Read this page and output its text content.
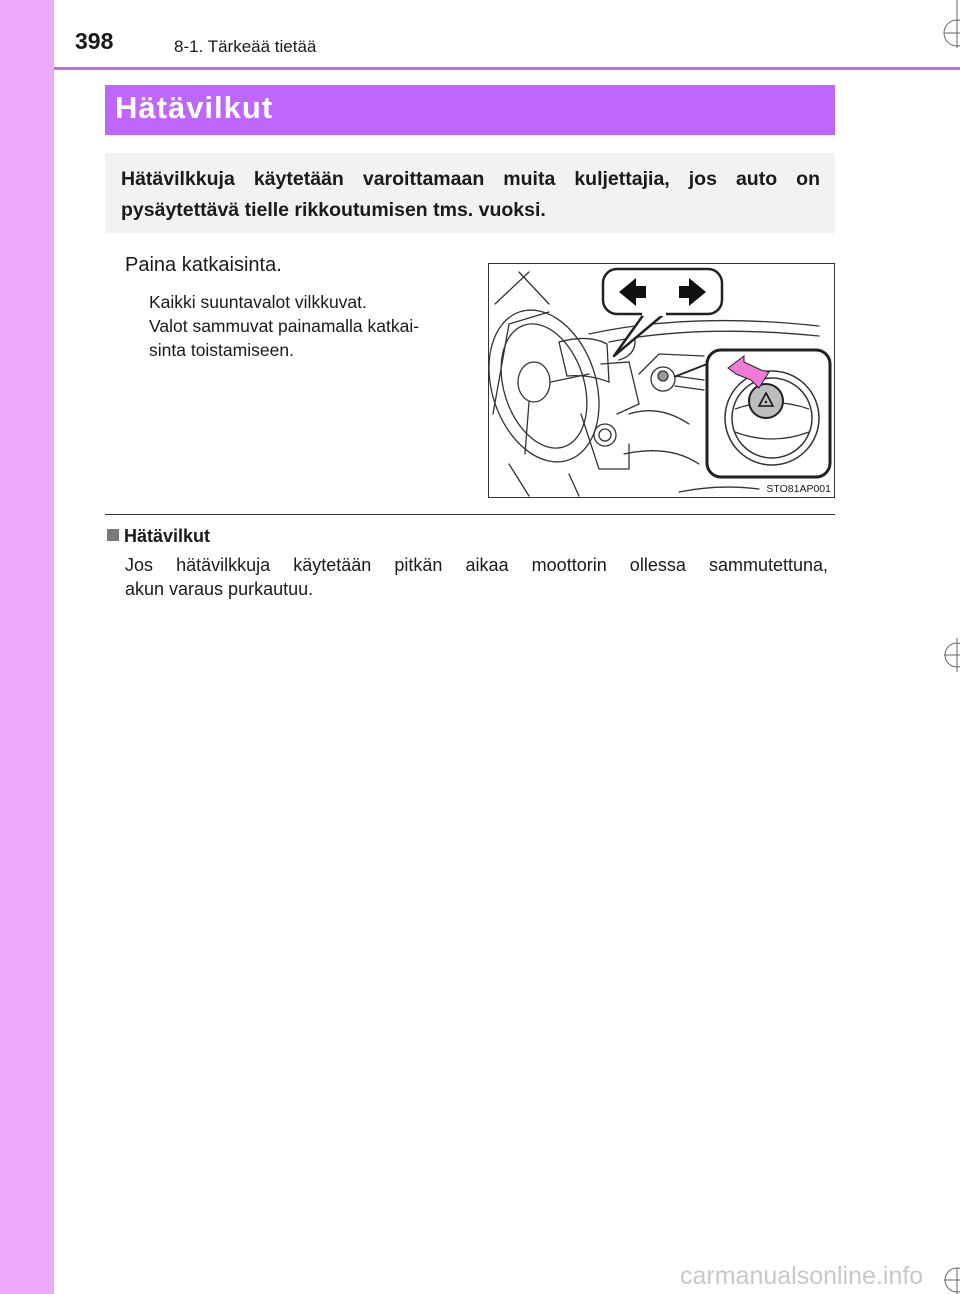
398	8-1. Tärkeää tietää
Hätävilkut
Hätävilkkuja käytetään varoittamaan muita kuljettajia, jos auto on pysäytettävä tielle rikkoutumisen tms. vuoksi.
Paina katkaisinta.
Kaikki suuntavalot vilkkuvat.
Valot sammuvat painamalla katkai-
sinta toistamiseen.
STO81AP001
Hätävilkut
Jos hätävilkkuja käytetään pitkän aikaa moottorin ollessa sammutettuna,
akun varaus purkautuu.
carmanualsonline.info
